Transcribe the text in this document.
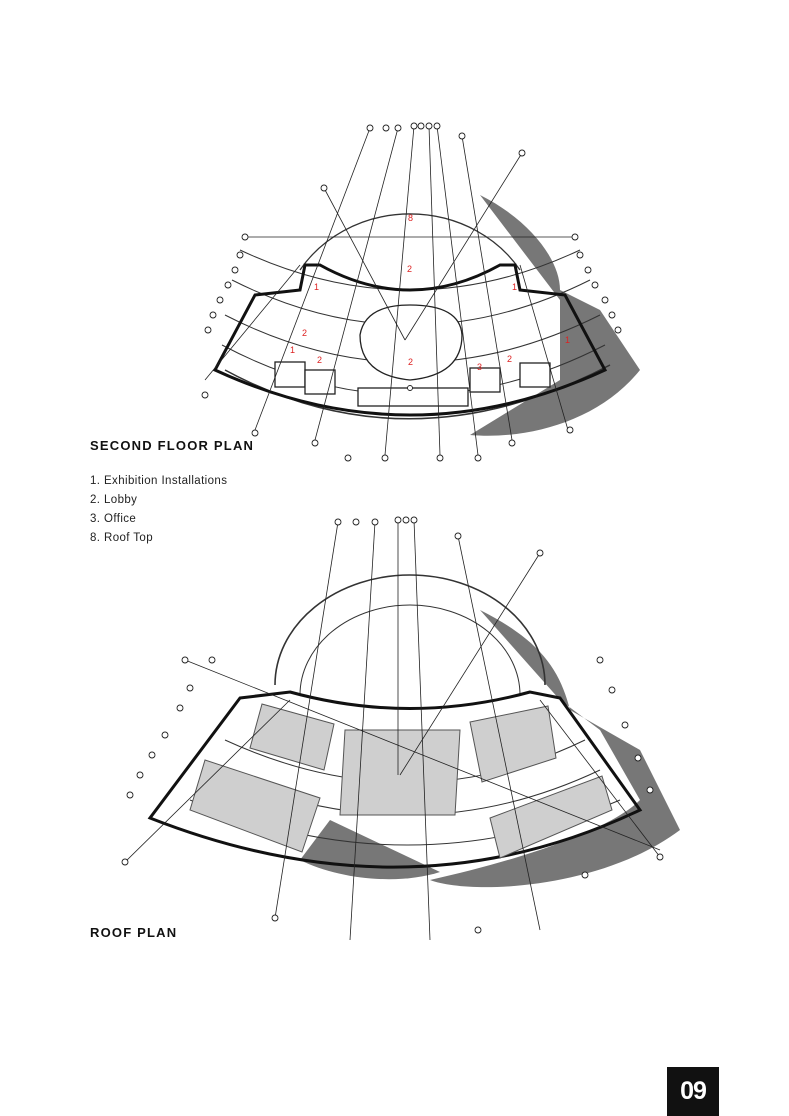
8
2
1	1
2
2
1
2
3
2
1
SECOND FLOOR PLAN
1. Exhibition Installations
2. Lobby
3. Office
8. Roof Top
ROOF PLAN
09
